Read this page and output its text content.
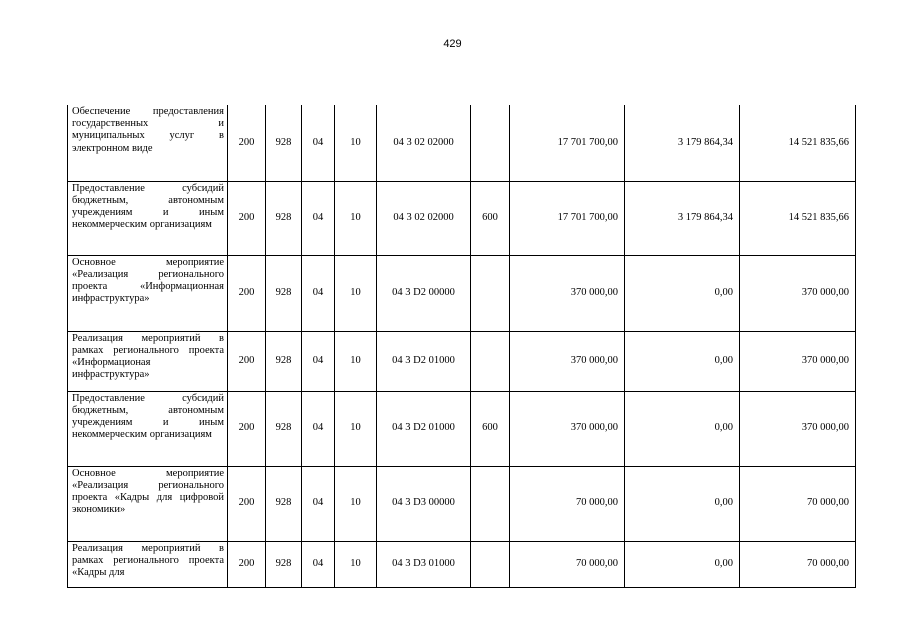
429
Обеспечение предоставления государственных и муниципальных услуг в электронном виде	200	928	04	10	04 3 02 02000		17 701 700,00	3 179 864,34	14 521 835,66
Предоставление субсидий бюджетным, автономным учреждениям и иным некоммерческим организациям	200	928	04	10	04 3 02 02000	600	17 701 700,00	3 179 864,34	14 521 835,66
Основное мероприятие «Реализация регионального проекта «Информационная инфраструктура»	200	928	04	10	04 3 D2 00000		370 000,00	0,00	370 000,00
Реализация мероприятий в рамках регионального проекта «Информационая инфраструктура»	200	928	04	10	04 3 D2 01000		370 000,00	0,00	370 000,00
Предоставление субсидий бюджетным, автономным учреждениям и иным некоммерческим организациям	200	928	04	10	04 3 D2 01000	600	370 000,00	0,00	370 000,00
Основное мероприятие «Реализация регионального проекта «Кадры для цифровой экономики»	200	928	04	10	04 3 D3 00000		70 000,00	0,00	70 000,00
Реализация мероприятий в рамках регионального проекта «Кадры для	200	928	04	10	04 3 D3 01000		70 000,00	0,00	70 000,00
